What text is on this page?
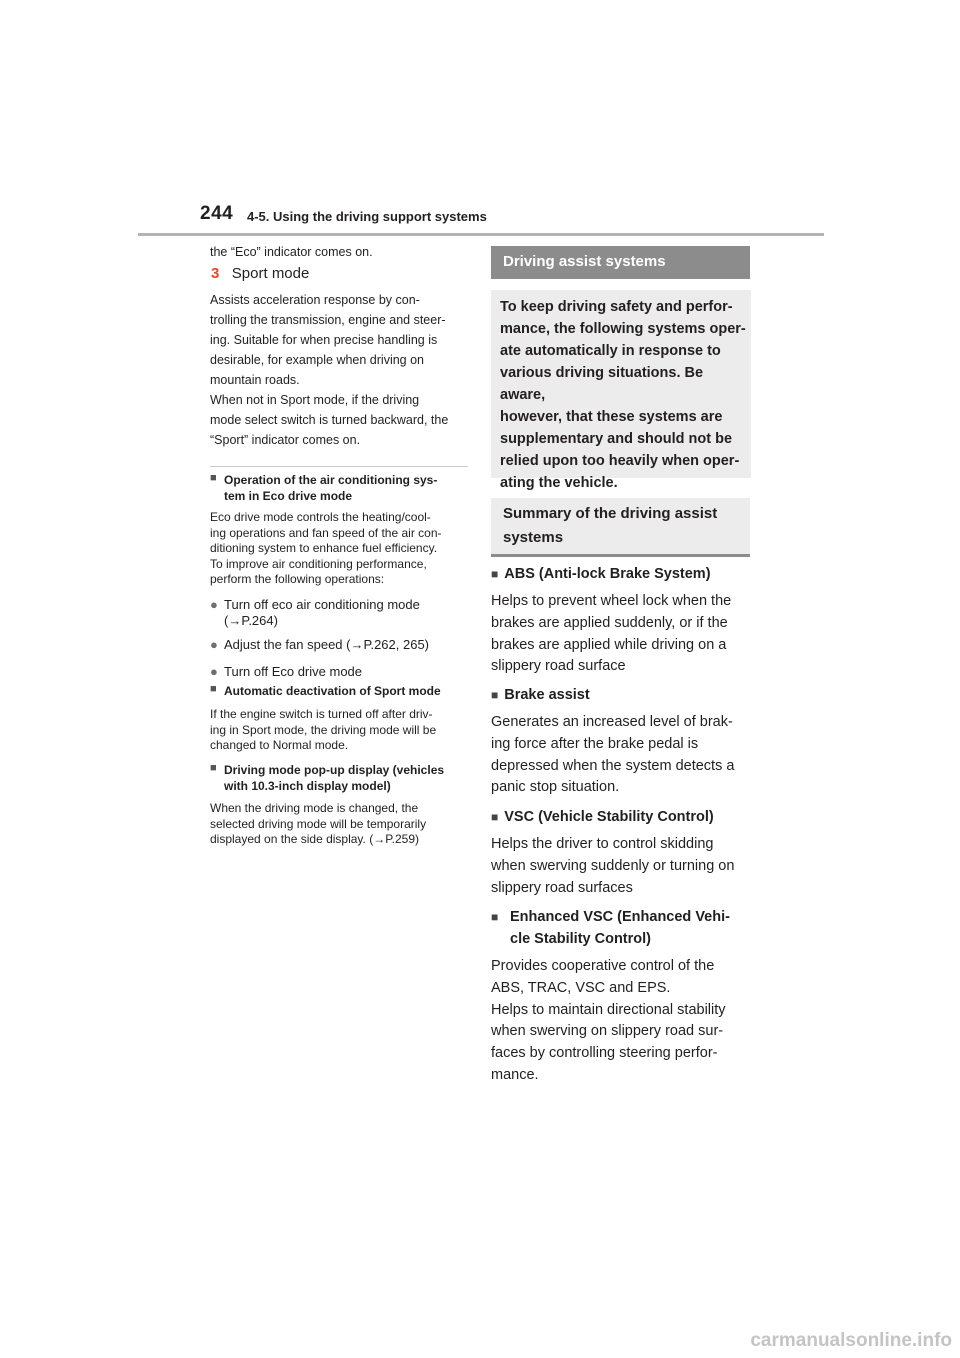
244 4-5. Using the driving support systems
the “Eco” indicator comes on.
3 Sport mode
Assists acceleration response by con-
trolling the transmission, engine and steer-
ing. Suitable for when precise handling is
desirable, for example when driving on
mountain roads.
When not in Sport mode, if the driving
mode select switch is turned backward, the
“Sport” indicator comes on.
■ Operation of the air conditioning sys-
tem in Eco drive mode
Eco drive mode controls the heating/cool-
ing operations and fan speed of the air con-
ditioning system to enhance fuel efficiency.
To improve air conditioning performance,
perform the following operations:
● Turn off eco air conditioning mode
(→P.264)
● Adjust the fan speed (→P.262, 265)
● Turn off Eco drive mode
■ Automatic deactivation of Sport mode
If the engine switch is turned off after driv-
ing in Sport mode, the driving mode will be
changed to Normal mode.
■ Driving mode pop-up display (vehicles
with 10.3-inch display model)
When the driving mode is changed, the
selected driving mode will be temporarily
displayed on the side display. (→P.259)
Driving assist systems
To keep driving safety and perfor-
mance, the following systems oper-
ate automatically in response to
various driving situations. Be aware,
however, that these systems are
supplementary and should not be
relied upon too heavily when oper-
ating the vehicle.
Summary of the driving assist
systems
■ ABS (Anti-lock Brake System)
Helps to prevent wheel lock when the
brakes are applied suddenly, or if the
brakes are applied while driving on a
slippery road surface
■ Brake assist
Generates an increased level of brak-
ing force after the brake pedal is
depressed when the system detects a
panic stop situation.
■ VSC (Vehicle Stability Control)
Helps the driver to control skidding
when swerving suddenly or turning on
slippery road surfaces
■ Enhanced VSC (Enhanced Vehi-
cle Stability Control)
Provides cooperative control of the
ABS, TRAC, VSC and EPS.
Helps to maintain directional stability
when swerving on slippery road sur-
faces by controlling steering perfor-
mance.
carmanualsonline.info
